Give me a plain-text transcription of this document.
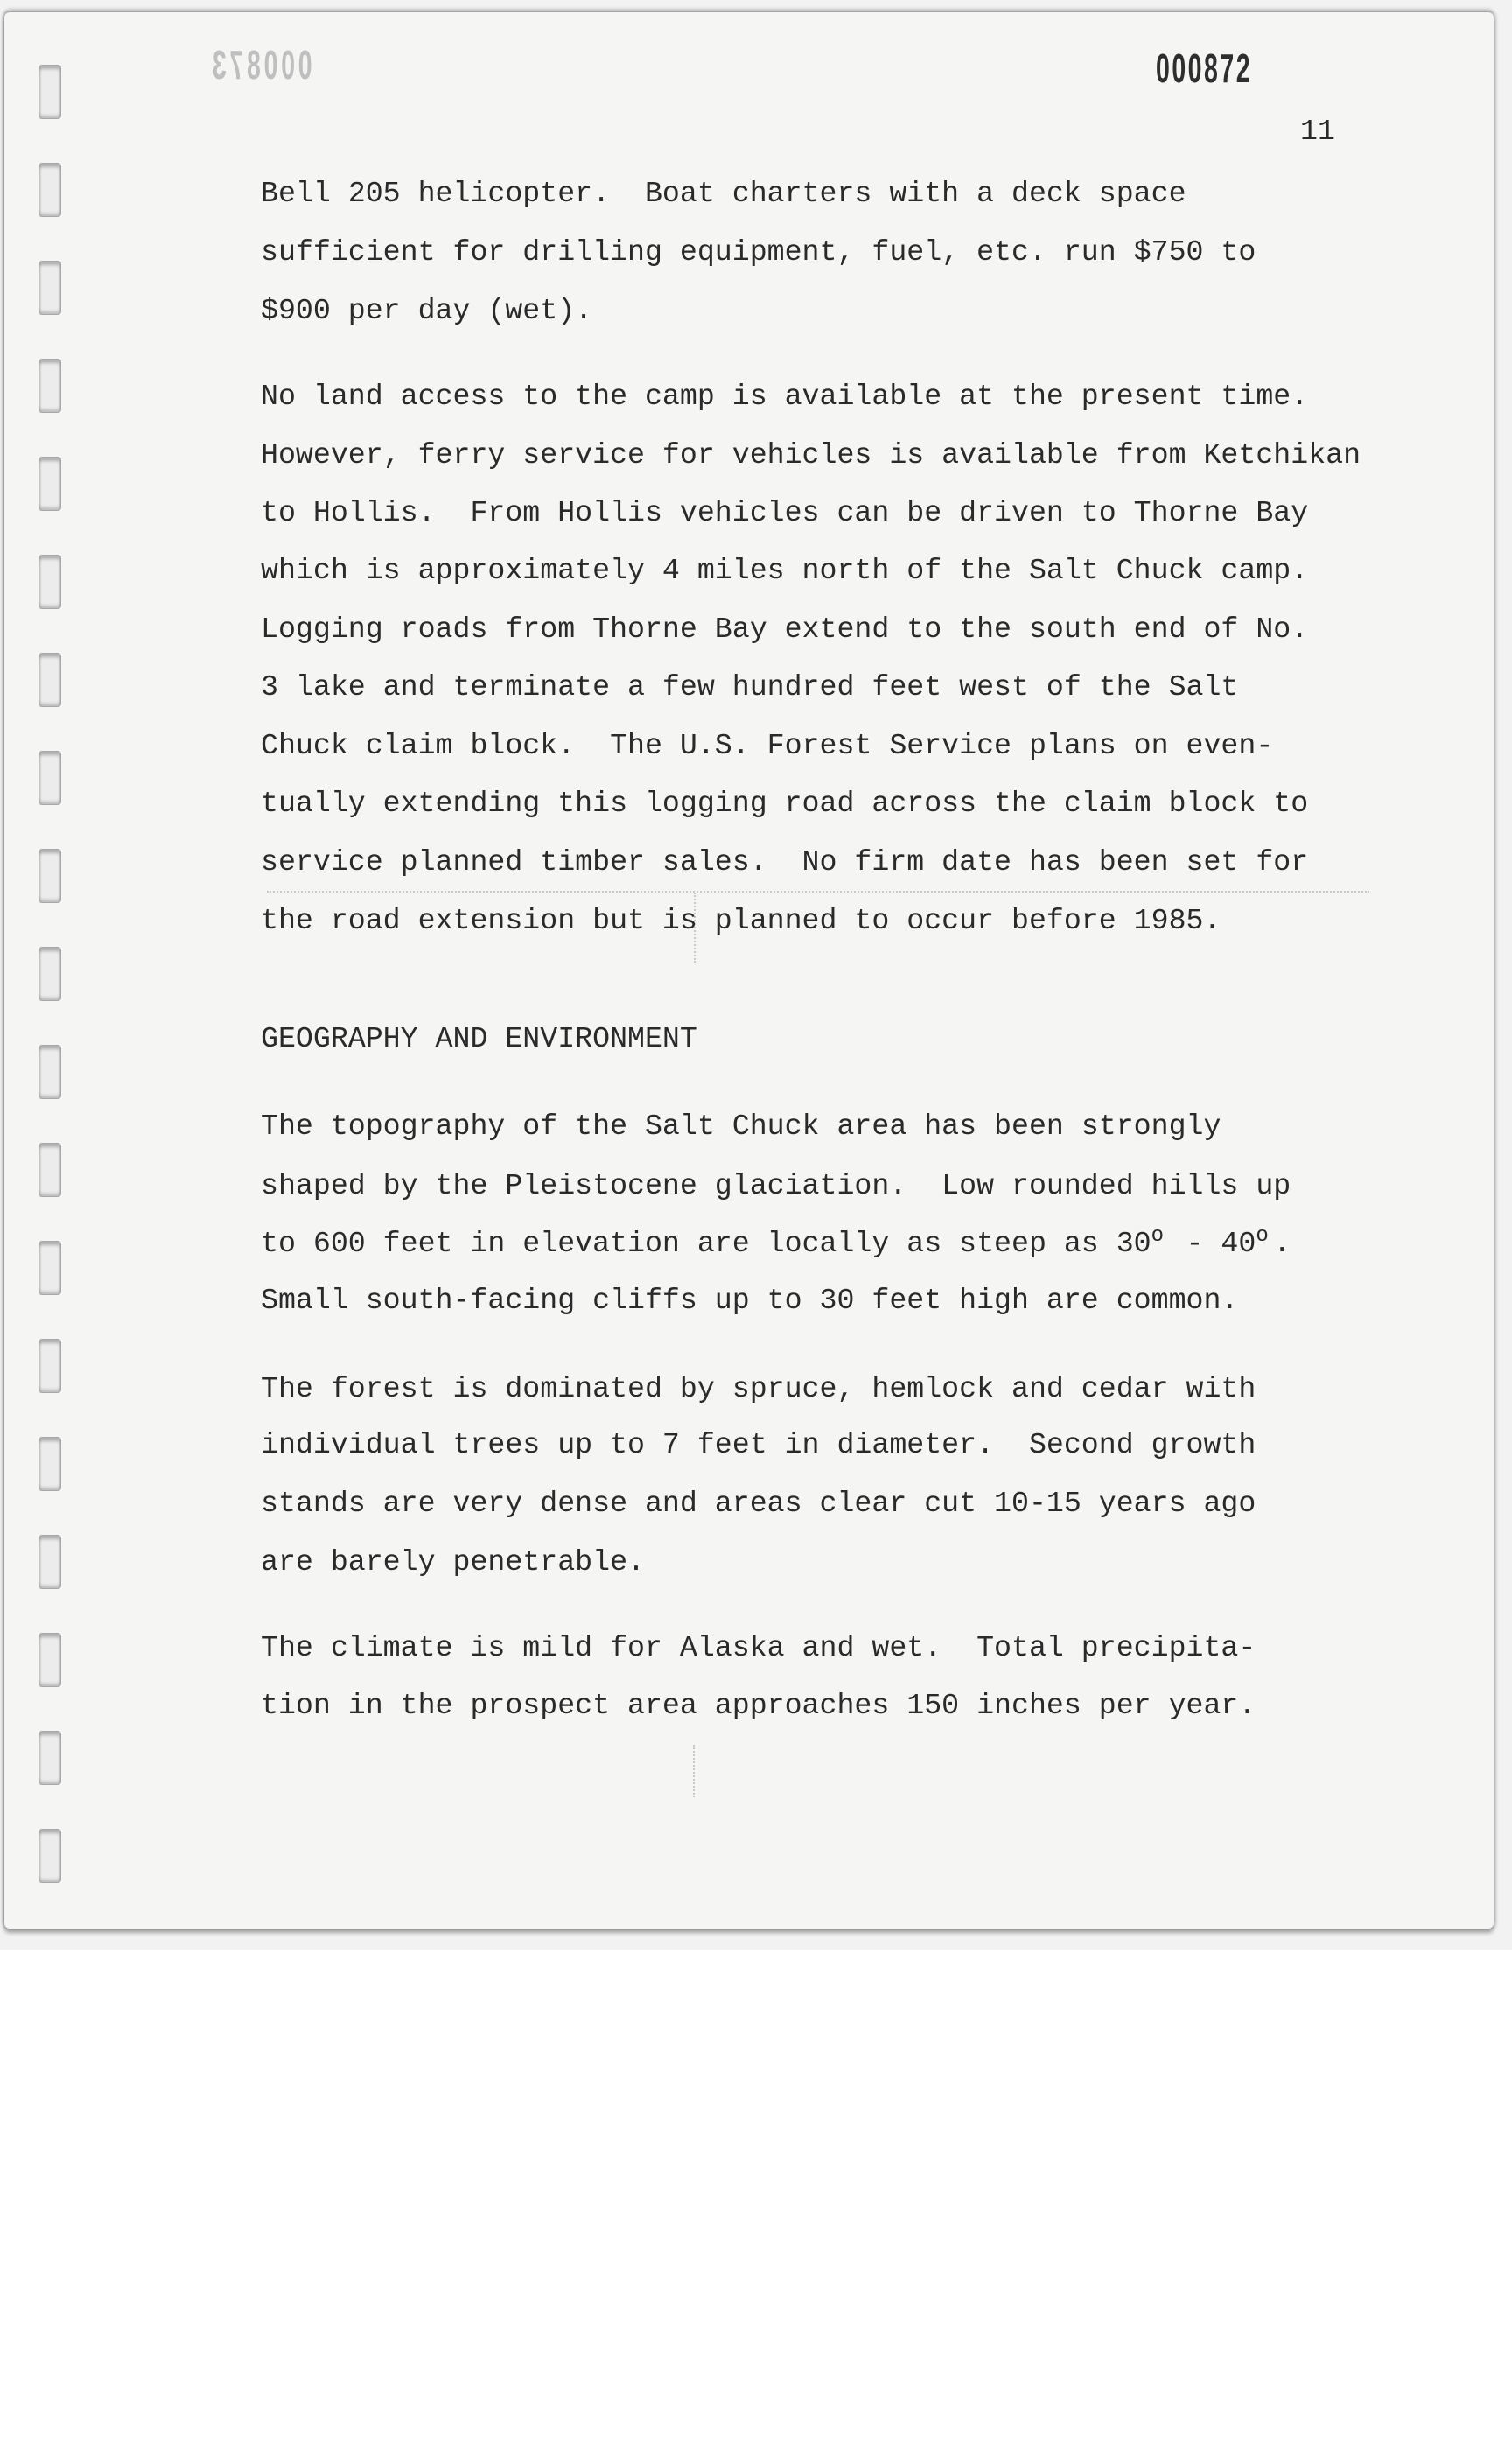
000873	000872
11
Bell 205 helicopter.  Boat charters with a deck space
sufficient for drilling equipment, fuel, etc. run $750 to
$900 per day (wet).
No land access to the camp is available at the present time.
However, ferry service for vehicles is available from Ketchikan
to Hollis.  From Hollis vehicles can be driven to Thorne Bay
which is approximately 4 miles north of the Salt Chuck camp.
Logging roads from Thorne Bay extend to the south end of No.
3 lake and terminate a few hundred feet west of the Salt
Chuck claim block.  The U.S. Forest Service plans on even-
tually extending this logging road across the claim block to
service planned timber sales.  No firm date has been set for
the road extension but is planned to occur before 1985.
GEOGRAPHY AND ENVIRONMENT
The topography of the Salt Chuck area has been strongly
shaped by the Pleistocene glaciation.  Low rounded hills up
to 600 feet in elevation are locally as steep as 30o - 40o .
Small south-facing cliffs up to 30 feet high are common.
The forest is dominated by spruce, hemlock and cedar with
individual trees up to 7 feet in diameter.  Second growth
stands are very dense and areas clear cut 10-15 years ago
are barely penetrable.
The climate is mild for Alaska and wet.  Total precipita-
tion in the prospect area approaches 150 inches per year.
